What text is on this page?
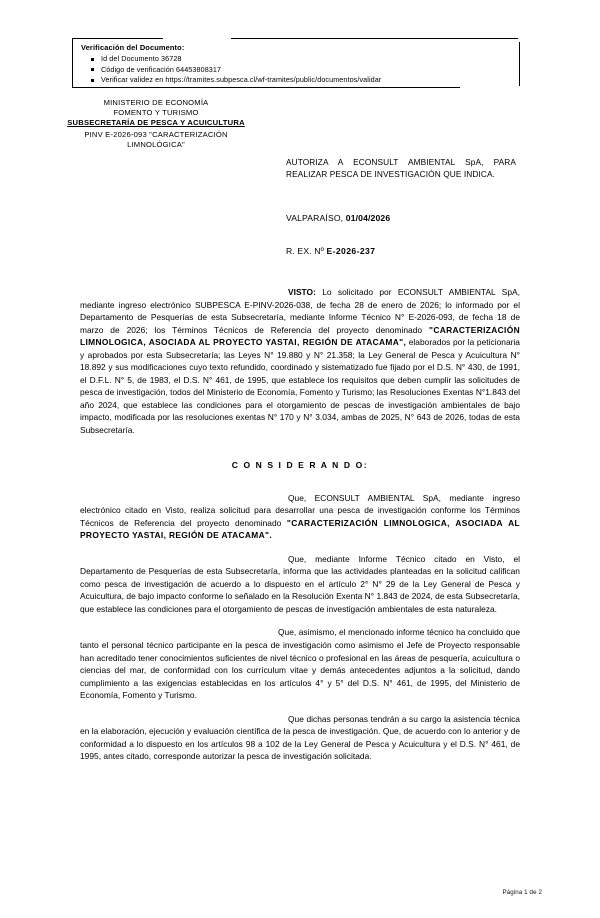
Verificación del Documento:
Id del Documento 36728
Código de verificación 64453808317
Verificar validez en https://tramites.subpesca.cl/wf-tramites/public/documentos/validar
MINISTERIO DE ECONOMÍA
FOMENTO Y TURISMO
SUBSECRETARÍA DE PESCA Y ACUICULTURA
PINV E-2026-093 "CARACTERIZACIÓN
LIMNOLÓGICA"
AUTORIZA A ECONSULT AMBIENTAL SpA, PARA REALIZAR PESCA DE INVESTIGACIÓN QUE INDICA.
VALPARAÍSO, 01/04/2026
R. EX. Nº E-2026-237

VISTO: Lo solicitado por ECONSULT AMBIENTAL SpA, mediante ingreso electrónico SUBPESCA E-PINV-2026-038, de fecha 28 de enero de 2026; lo informado por el Departamento de Pesquerías de esta Subsecretaría, mediante Informe Técnico N° E-2026-093, de fecha 18 de marzo de 2026; los Términos Técnicos de Referencia del proyecto denominado "CARACTERIZACIÓN LIMNOLOGICA, ASOCIADA AL PROYECTO YASTAI, REGIÓN DE ATACAMA", elaborados por la peticionaria y aprobados por esta Subsecretaría; las Leyes N° 19.880 y N° 21.358; la Ley General de Pesca y Acuicultura N° 18.892 y sus modificaciones cuyo texto refundido, coordinado y sistematizado fue fijado por el D.S. N° 430, de 1991, el D.F.L. N° 5, de 1983, el D.S. N° 461, de 1995, que establece los requisitos que deben cumplir las solicitudes de pesca de investigación, todos del Ministerio de Economía, Fomento y Turismo; las Resoluciones Exentas N°1.843 del año 2024, que establece las condiciones para el otorgamiento de pescas de investigación ambientales de bajo impacto, modificada por las resoluciones exentas N° 170 y N° 3.034, ambas de 2025, N° 643 de 2026, todas de esta Subsecretaría.

C O N S I D E R A N D O:

Que, ECONSULT AMBIENTAL SpA, mediante ingreso electrónico citado en Visto, realiza solicitud para desarrollar una pesca de investigación conforme los Términos Técnicos de Referencia del proyecto denominado "CARACTERIZACIÓN LIMNOLOGICA, ASOCIADA AL PROYECTO YASTAI, REGIÓN DE ATACAMA".

Que, mediante Informe Técnico citado en Visto, el Departamento de Pesquerías de esta Subsecretaría, informa que las actividades planteadas en la solicitud califican como pesca de investigación de acuerdo a lo dispuesto en el artículo 2° N° 29 de la Ley General de Pesca y Acuicultura, de bajo impacto conforme lo señalado en la Resolución Exenta N° 1.843 de 2024, de esta Subsecretaría, que establece las condiciones para el otorgamiento de pescas de investigación ambientales de esta naturaleza.

Que, asimismo, el mencionado informe técnico ha concluido que tanto el personal técnico participante en la pesca de investigación como asimismo el Jefe de Proyecto responsable han acreditado tener conocimientos suficientes de nivel técnico o profesional en las áreas de pesquería, acuicultura o ciencias del mar, de conformidad con los currículum vitae y demás antecedentes adjuntos a la solicitud, dando cumplimiento a las exigencias establecidas en los artículos 4° y 5° del D.S. N° 461, de 1995, del Ministerio de Economía, Fomento y Turismo.

Que dichas personas tendrán a su cargo la asistencia técnica en la elaboración, ejecución y evaluación científica de la pesca de investigación. Que, de acuerdo con lo anterior y de conformidad a lo dispuesto en los artículos 98 a 102 de la Ley General de Pesca y Acuicultura y el D.S. N° 461, de 1995, antes citado, corresponde autorizar la pesca de investigación solicitada.

Página 1 de 2
